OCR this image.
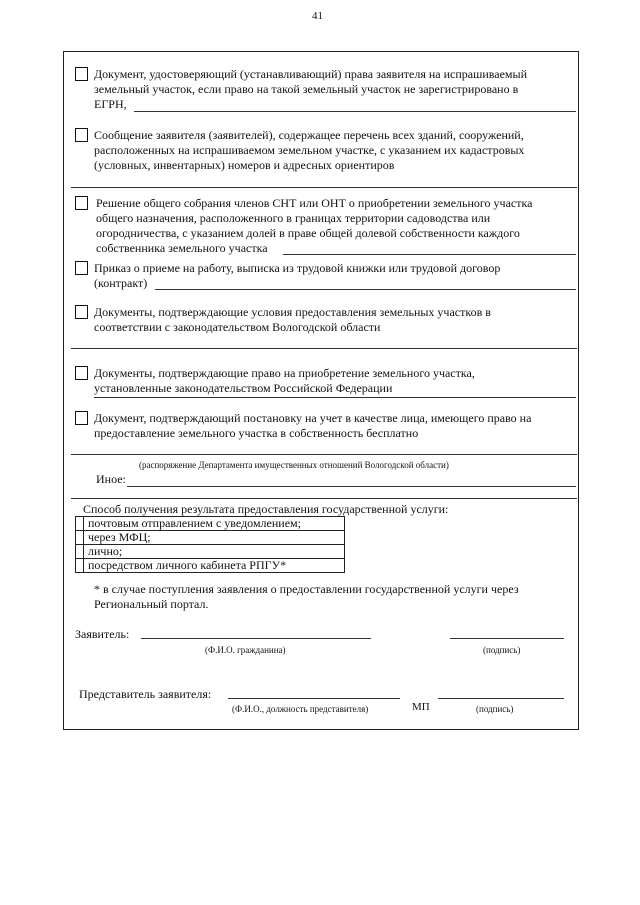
41
Документ, удостоверяющий (устанавливающий) права заявителя на испрашиваемый
земельный участок, если право на такой земельный участок не зарегистрировано в
ЕГРН,
Сообщение заявителя (заявителей), содержащее перечень всех зданий, сооружений,
расположенных на испрашиваемом земельном участке, с указанием их кадастровых
(условных, инвентарных) номеров и адресных ориентиров
Решение общего собрания членов СНТ или ОНТ о приобретении земельного участка
общего назначения, расположенного в границах территории садоводства или
огородничества, с указанием долей в праве общей долевой собственности каждого
собственника земельного участка
Приказ о приеме на работу, выписка из трудовой книжки или трудовой договор
(контракт)
Документы, подтверждающие условия предоставления земельных участков в
соответствии с законодательством Вологодской области
Документы, подтверждающие право на приобретение земельного участка,
установленные законодательством Российской Федерации
Документ, подтверждающий постановку на учет в качестве лица, имеющего право на
предоставление земельного участка в собственность бесплатно
(распоряжение Департамента имущественных отношений Вологодской области)
Иное:
Способ получения результата предоставления государственной услуги:
	почтовым отправлением с уведомлением;
	через МФЦ;
	лично;
	посредством личного кабинета РПГУ*
* в случае поступления заявления о предоставлении государственной услуги через
Региональный портал.
Заявитель:
(Ф.И.О. гражданина)	(подпись)
Представитель заявителя:
(Ф.И.О., должность представителя)	МП	(подпись)
